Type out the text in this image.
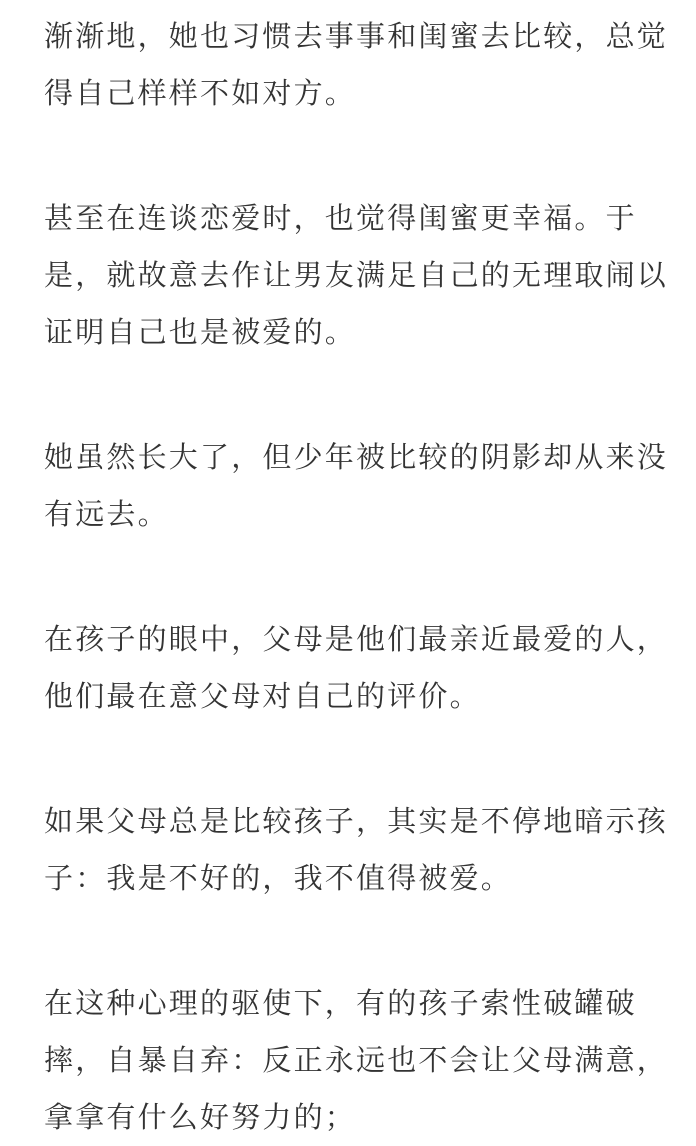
渐渐地，她也习惯去事事和闺蜜去比较，总觉
得自己样样不如对方。

甚至在连谈恋爱时，也觉得闺蜜更幸福。于
是，就故意去作让男友满足自己的无理取闹以
证明自己也是被爱的。

她虽然长大了，但少年被比较的阴影却从来没
有远去。

在孩子的眼中，父母是他们最亲近最爱的人，
他们最在意父母对自己的评价。

如果父母总是比较孩子，其实是不停地暗示孩
子：我是不好的，我不值得被爱。

在这种心理的驱使下，有的孩子索性破罐破
摔，自暴自弃：反正永远也不会让父母满意，
拿拿有什么好努力的；
